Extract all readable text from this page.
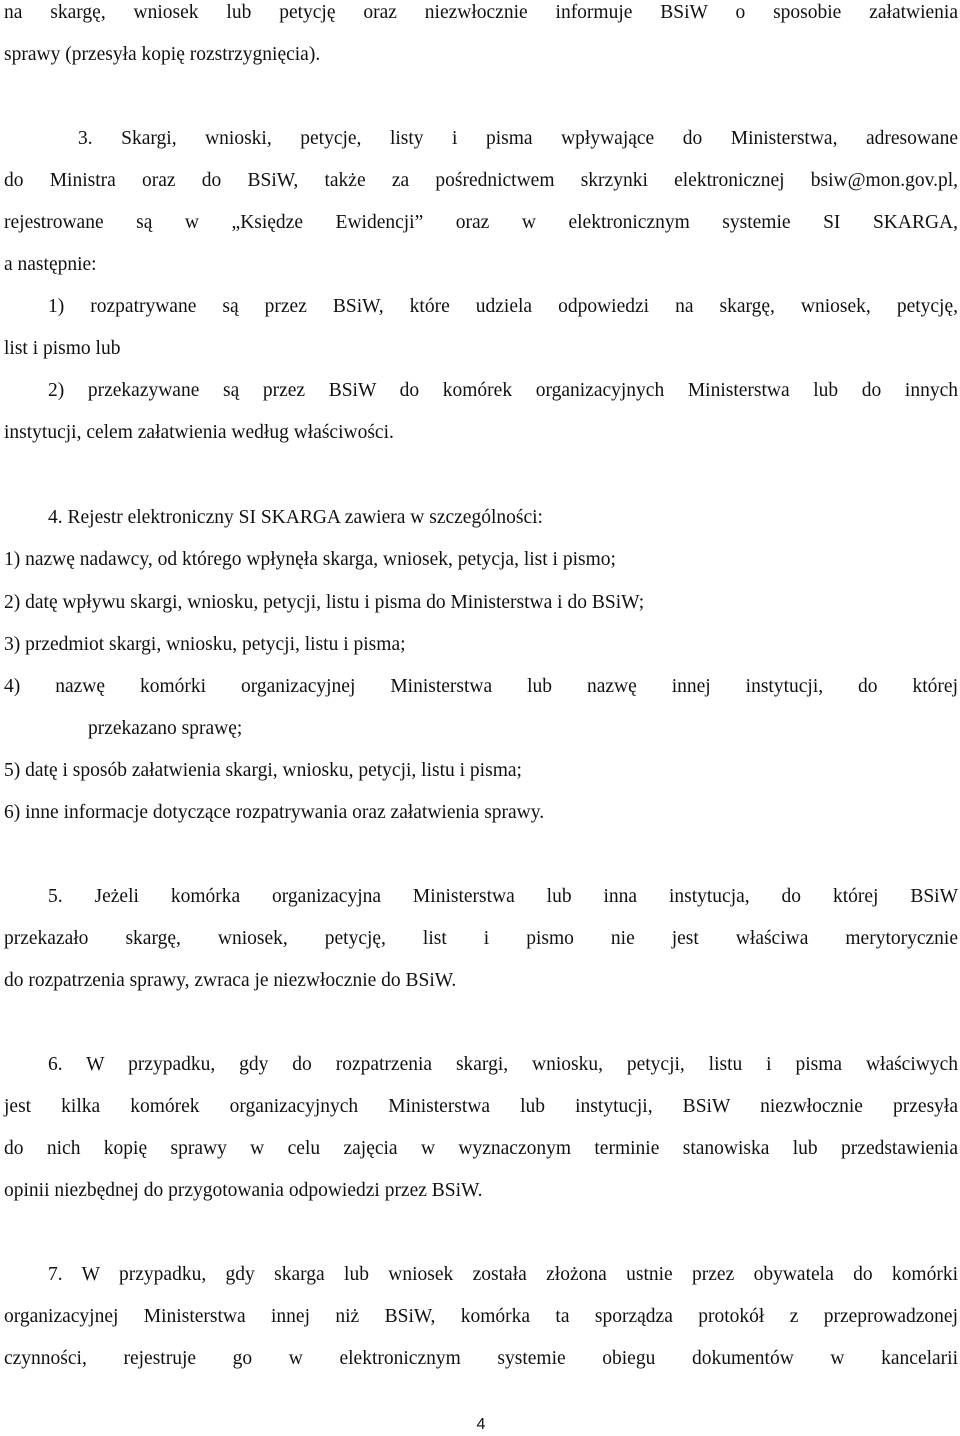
na skargę, wniosek lub petycję oraz niezwłocznie informuje BSiW o sposobie załatwienia
sprawy (przesyła kopię rozstrzygnięcia).
3. Skargi, wnioski, petycje, listy i pisma wpływające do Ministerstwa, adresowane
do Ministra oraz do BSiW, także za pośrednictwem skrzynki elektronicznej bsiw@mon.gov.pl,
rejestrowane są w „Księdze Ewidencji” oraz w elektronicznym systemie SI SKARGA,
a następnie:
1) rozpatrywane są przez BSiW, które udziela odpowiedzi na skargę, wniosek, petycję,
list i pismo lub
2) przekazywane są przez BSiW do komórek organizacyjnych Ministerstwa lub do innych
instytucji, celem załatwienia według właściwości.
4. Rejestr elektroniczny SI SKARGA zawiera w szczególności:
1) nazwę nadawcy, od którego wpłynęła skarga, wniosek, petycja, list i pismo;
2) datę wpływu skargi, wniosku, petycji, listu i pisma do Ministerstwa i do BSiW;
3) przedmiot skargi, wniosku, petycji, listu i pisma;
4) nazwę komórki organizacyjnej Ministerstwa lub nazwę innej instytucji, do której
przekazano sprawę;
5) datę i sposób załatwienia skargi, wniosku, petycji, listu i pisma;
6) inne informacje dotyczące rozpatrywania oraz załatwienia sprawy.
5. Jeżeli komórka organizacyjna Ministerstwa lub inna instytucja, do której BSiW
przekazało skargę, wniosek, petycję, list i pismo nie jest właściwa merytorycznie
do rozpatrzenia sprawy, zwraca je niezwłocznie do BSiW.
6. W przypadku, gdy do rozpatrzenia skargi, wniosku, petycji, listu i pisma właściwych
jest kilka komórek organizacyjnych Ministerstwa lub instytucji, BSiW niezwłocznie przesyła
do nich kopię sprawy w celu zajęcia w wyznaczonym terminie stanowiska lub przedstawienia
opinii niezbędnej do przygotowania odpowiedzi przez BSiW.
7. W przypadku, gdy skarga lub wniosek została złożona ustnie przez obywatela do komórki
organizacyjnej Ministerstwa innej niż BSiW, komórka ta sporządza protokół z przeprowadzonej
czynności, rejestruje go w elektronicznym systemie obiegu dokumentów w kancelarii
4
